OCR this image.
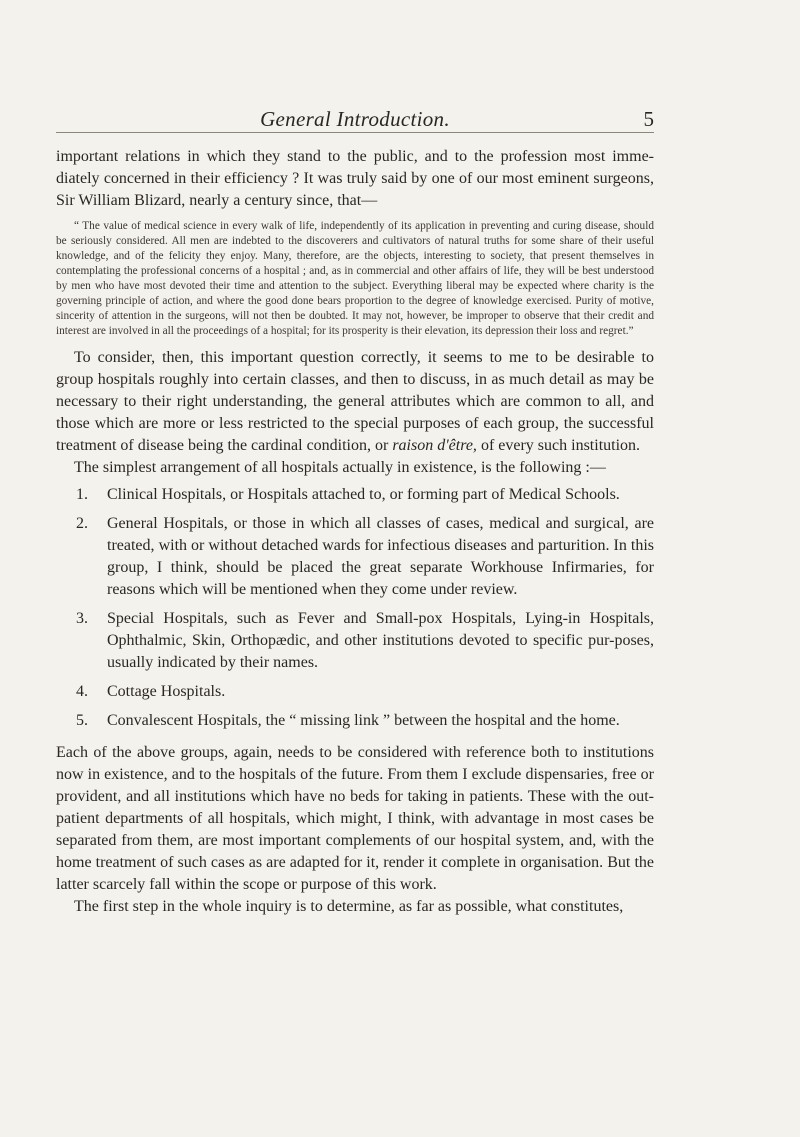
General Introduction.	5

important relations in which they stand to the public, and to the profession most imme-diately concerned in their efficiency ? It was truly said by one of our most eminent surgeons, Sir William Blizard, nearly a century since, that—

“ The value of medical science in every walk of life, independently of its application in preventing and curing disease, should be seriously considered. All men are indebted to the discoverers and cultivators of natural truths for some share of their useful knowledge, and of the felicity they enjoy. Many, therefore, are the objects, interesting to society, that present themselves in contemplating the professional concerns of a hospital ; and, as in commercial and other affairs of life, they will be best understood by men who have most devoted their time and attention to the subject. Everything liberal may be expected where charity is the governing principle of action, and where the good done bears proportion to the degree of knowledge exercised. Purity of motive, sincerity of attention in the surgeons, will not then be doubted. It may not, however, be improper to observe that their credit and interest are involved in all the proceedings of a hospital; for its prosperity is their elevation, its depression their loss and regret.”

To consider, then, this important question correctly, it seems to me to be desirable to group hospitals roughly into certain classes, and then to discuss, in as much detail as may be necessary to their right understanding, the general attributes which are common to all, and those which are more or less restricted to the special purposes of each group, the successful treatment of disease being the cardinal condition, or raison d'être, of every such institution.

The simplest arrangement of all hospitals actually in existence, is the following :—

1. Clinical Hospitals, or Hospitals attached to, or forming part of Medical Schools.
2. General Hospitals, or those in which all classes of cases, medical and surgical, are treated, with or without detached wards for infectious diseases and parturition. In this group, I think, should be placed the great separate Workhouse Infirmaries, for reasons which will be mentioned when they come under review.
3. Special Hospitals, such as Fever and Small-pox Hospitals, Lying-in Hospitals, Ophthalmic, Skin, Orthopædic, and other institutions devoted to specific pur-poses, usually indicated by their names.
4. Cottage Hospitals.
5. Convalescent Hospitals, the “ missing link ” between the hospital and the home.

Each of the above groups, again, needs to be considered with reference both to institutions now in existence, and to the hospitals of the future. From them I exclude dispensaries, free or provident, and all institutions which have no beds for taking in patients. These with the out-patient departments of all hospitals, which might, I think, with advantage in most cases be separated from them, are most important complements of our hospital system, and, with the home treatment of such cases as are adapted for it, render it complete in organisation. But the latter scarcely fall within the scope or purpose of this work.

The first step in the whole inquiry is to determine, as far as possible, what constitutes,
